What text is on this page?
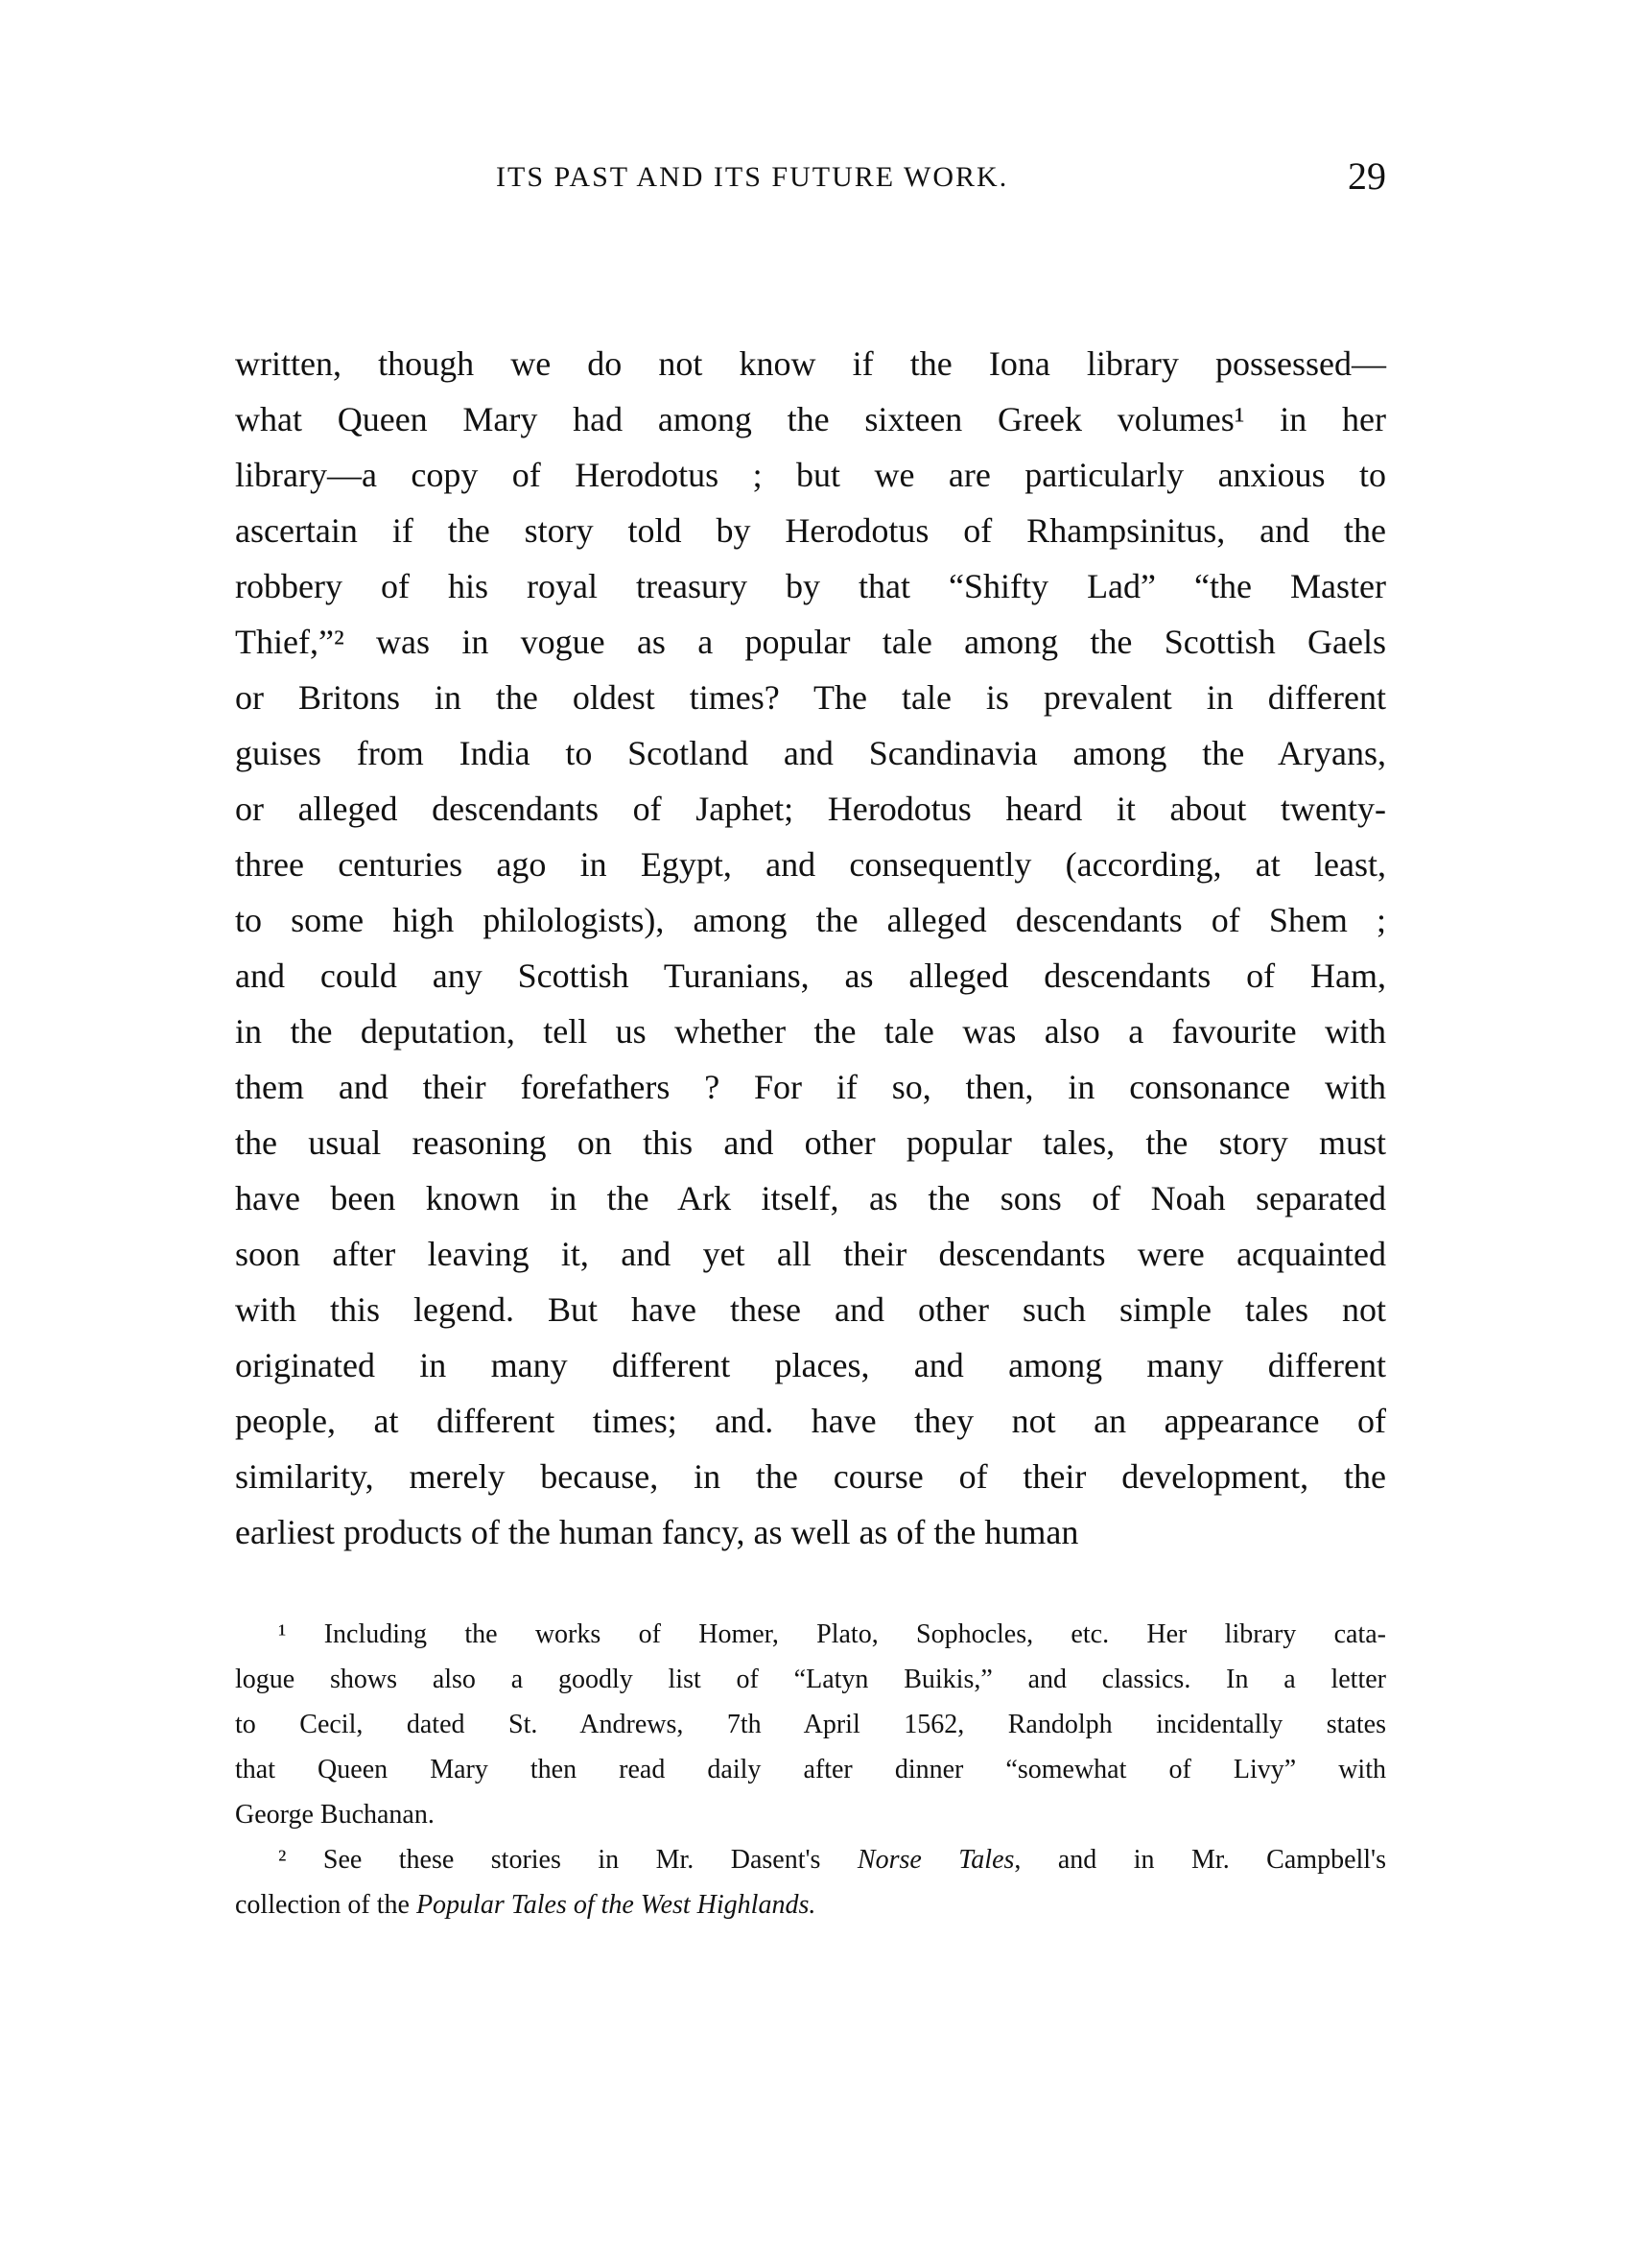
ITS PAST AND ITS FUTURE WORK.	29
written, though we do not know if the Iona library possessed—
what Queen Mary had among the sixteen Greek volumes¹ in her
library—a copy of Herodotus ; but we are particularly anxious to
ascertain if the story told by Herodotus of Rhampsinitus, and the
robbery of his royal treasury by that “Shifty Lad” “the Master
Thief,”² was in vogue as a popular tale among the Scottish Gaels
or Britons in the oldest times? The tale is prevalent in different
guises from India to Scotland and Scandinavia among the Aryans,
or alleged descendants of Japhet; Herodotus heard it about twenty-
three centuries ago in Egypt, and consequently (according, at least,
to some high philologists), among the alleged descendants of Shem ;
and could any Scottish Turanians, as alleged descendants of Ham,
in the deputation, tell us whether the tale was also a favourite with
them and their forefathers ? For if so, then, in consonance with
the usual reasoning on this and other popular tales, the story must
have been known in the Ark itself, as the sons of Noah separated
soon after leaving it, and yet all their descendants were acquainted
with this legend. But have these and other such simple tales not
originated in many different places, and among many different
people, at different times; and. have they not an appearance of
similarity, merely because, in the course of their development, the
earliest products of the human fancy, as well as of the human
¹ Including the works of Homer, Plato, Sophocles, etc. Her library cata-
logue shows also a goodly list of “Latyn Buikis,” and classics. In a letter
to Cecil, dated St. Andrews, 7th April 1562, Randolph incidentally states
that Queen Mary then read daily after dinner “somewhat of Livy” with
George Buchanan.
² See these stories in Mr. Dasent's Norse Tales, and in Mr. Campbell's
collection of the Popular Tales of the West Highlands.
